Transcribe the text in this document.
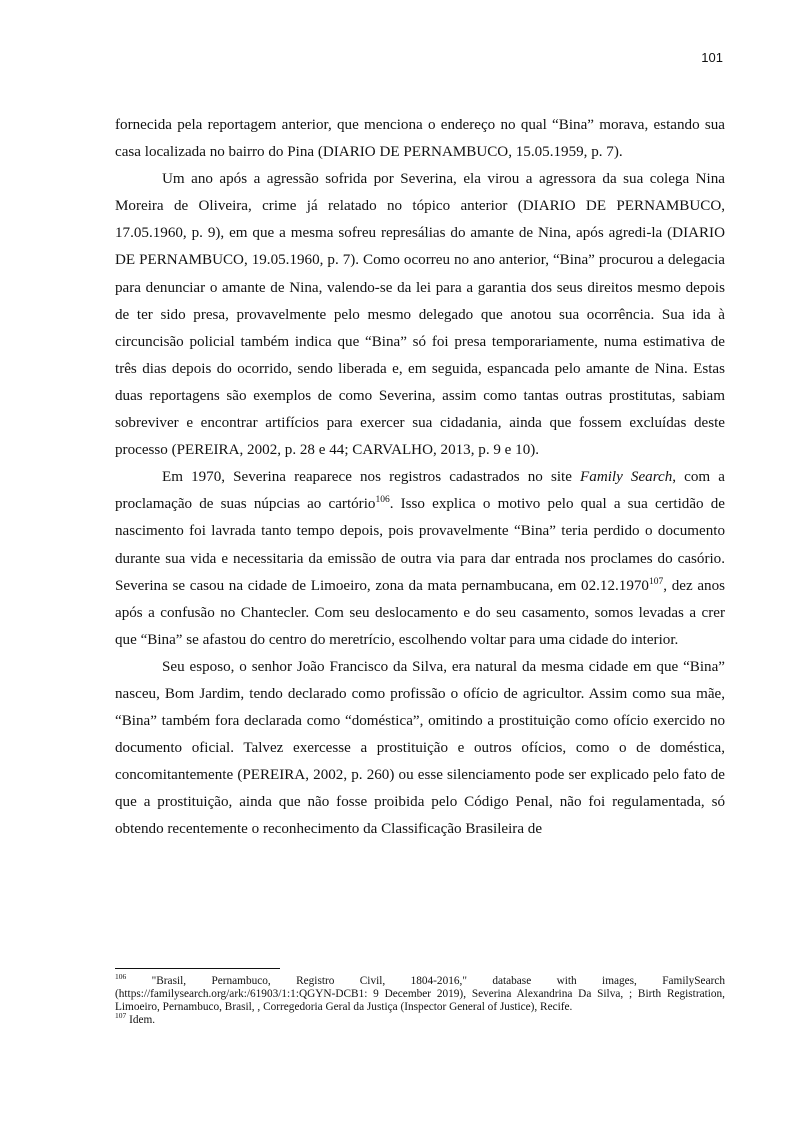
101

fornecida pela reportagem anterior, que menciona o endereço no qual “Bina” morava, estando sua casa localizada no bairro do Pina (DIARIO DE PERNAMBUCO, 15.05.1959, p. 7).

Um ano após a agressão sofrida por Severina, ela virou a agressora da sua colega Nina Moreira de Oliveira, crime já relatado no tópico anterior (DIARIO DE PERNAMBUCO, 17.05.1960, p. 9), em que a mesma sofreu represálias do amante de Nina, após agredi-la (DIARIO DE PERNAMBUCO, 19.05.1960, p. 7). Como ocorreu no ano anterior, “Bina” procurou a delegacia para denunciar o amante de Nina, valendo-se da lei para a garantia dos seus direitos mesmo depois de ter sido presa, provavelmente pelo mesmo delegado que anotou sua ocorrência. Sua ida à circuncisão policial também indica que “Bina” só foi presa temporariamente, numa estimativa de três dias depois do ocorrido, sendo liberada e, em seguida, espancada pelo amante de Nina. Estas duas reportagens são exemplos de como Severina, assim como tantas outras prostitutas, sabiam sobreviver e encontrar artifícios para exercer sua cidadania, ainda que fossem excluídas deste processo (PEREIRA, 2002, p. 28 e 44; CARVALHO, 2013, p. 9 e 10).

Em 1970, Severina reaparece nos registros cadastrados no site Family Search, com a proclamação de suas núpcias ao cartório$^{106}$. Isso explica o motivo pelo qual a sua certidão de nascimento foi lavrada tanto tempo depois, pois provavelmente “Bina” teria perdido o documento durante sua vida e necessitaria da emissão de outra via para dar entrada nos proclames do casório. Severina se casou na cidade de Limoeiro, zona da mata pernambucana, em 02.12.1970$^{107}$, dez anos após a confusão no Chantecler. Com seu deslocamento e do seu casamento, somos levadas a crer que “Bina” se afastou do centro do meretrício, escolhendo voltar para uma cidade do interior.

Seu esposo, o senhor João Francisco da Silva, era natural da mesma cidade em que “Bina” nasceu, Bom Jardim, tendo declarado como profissão o ofício de agricultor. Assim como sua mãe, “Bina” também fora declarada como “doméstica”, omitindo a prostituição como ofício exercido no documento oficial. Talvez exercesse a prostituição e outros ofícios, como o de doméstica, concomitantemente (PEREIRA, 2002, p. 260) ou esse silenciamento pode ser explicado pelo fato de que a prostituição, ainda que não fosse proibida pelo Código Penal, não foi regulamentada, só obtendo recentemente o reconhecimento da Classificação Brasileira de

$^{106}$ "Brasil, Pernambuco, Registro Civil, 1804-2016," database with images, FamilySearch (https://familysearch.org/ark:/61903/1:1:QGYN-DCB1: 9 December 2019), Severina Alexandrina Da Silva, ; Birth Registration, Limoeiro, Pernambuco, Brasil, , Corregedoria Geral da Justiça (Inspector General of Justice), Recife.

$^{107}$ Idem.
